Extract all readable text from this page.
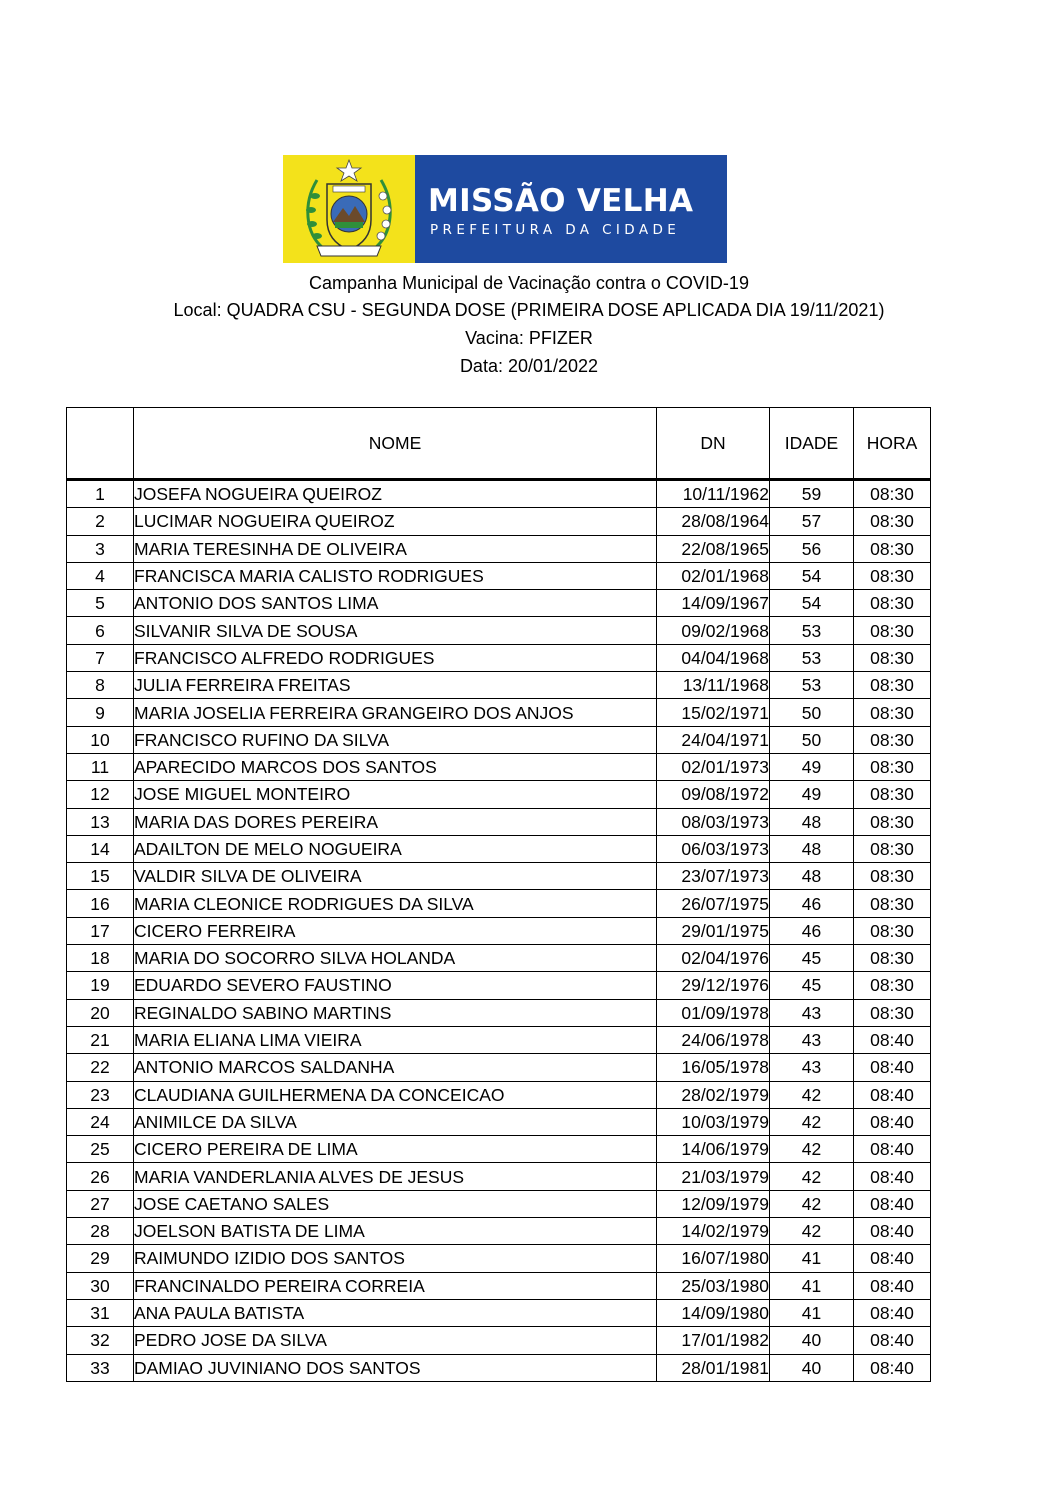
MISSÃO VELHA
PREFEITURA DA CIDADE
Campanha Municipal de Vacinação contra o COVID-19
Local: QUADRA CSU - SEGUNDA DOSE (PRIMEIRA DOSE APLICADA DIA 19/11/2021)
Vacina: PFIZER
Data: 20/01/2022
	NOME	DN	IDADE	HORA
1	JOSEFA NOGUEIRA QUEIROZ	10/11/1962	59	08:30
2	LUCIMAR NOGUEIRA QUEIROZ	28/08/1964	57	08:30
3	MARIA TERESINHA DE OLIVEIRA	22/08/1965	56	08:30
4	FRANCISCA MARIA CALISTO RODRIGUES	02/01/1968	54	08:30
5	ANTONIO DOS SANTOS LIMA	14/09/1967	54	08:30
6	SILVANIR SILVA DE SOUSA	09/02/1968	53	08:30
7	FRANCISCO ALFREDO RODRIGUES	04/04/1968	53	08:30
8	JULIA FERREIRA FREITAS	13/11/1968	53	08:30
9	MARIA JOSELIA FERREIRA GRANGEIRO DOS ANJOS	15/02/1971	50	08:30
10	FRANCISCO RUFINO DA SILVA	24/04/1971	50	08:30
11	APARECIDO MARCOS DOS SANTOS	02/01/1973	49	08:30
12	JOSE MIGUEL MONTEIRO	09/08/1972	49	08:30
13	MARIA DAS DORES PEREIRA	08/03/1973	48	08:30
14	ADAILTON DE MELO NOGUEIRA	06/03/1973	48	08:30
15	VALDIR SILVA DE OLIVEIRA	23/07/1973	48	08:30
16	MARIA CLEONICE RODRIGUES DA SILVA	26/07/1975	46	08:30
17	CICERO FERREIRA	29/01/1975	46	08:30
18	MARIA DO SOCORRO SILVA HOLANDA	02/04/1976	45	08:30
19	EDUARDO SEVERO FAUSTINO	29/12/1976	45	08:30
20	REGINALDO SABINO MARTINS	01/09/1978	43	08:30
21	MARIA ELIANA LIMA VIEIRA	24/06/1978	43	08:40
22	ANTONIO MARCOS SALDANHA	16/05/1978	43	08:40
23	CLAUDIANA GUILHERMENA DA CONCEICAO	28/02/1979	42	08:40
24	ANIMILCE DA SILVA	10/03/1979	42	08:40
25	CICERO PEREIRA DE LIMA	14/06/1979	42	08:40
26	MARIA VANDERLANIA ALVES DE JESUS	21/03/1979	42	08:40
27	JOSE CAETANO SALES	12/09/1979	42	08:40
28	JOELSON BATISTA DE LIMA	14/02/1979	42	08:40
29	RAIMUNDO IZIDIO DOS SANTOS	16/07/1980	41	08:40
30	FRANCINALDO PEREIRA CORREIA	25/03/1980	41	08:40
31	ANA PAULA BATISTA	14/09/1980	41	08:40
32	PEDRO JOSE DA SILVA	17/01/1982	40	08:40
33	DAMIAO JUVINIANO DOS SANTOS	28/01/1981	40	08:40
